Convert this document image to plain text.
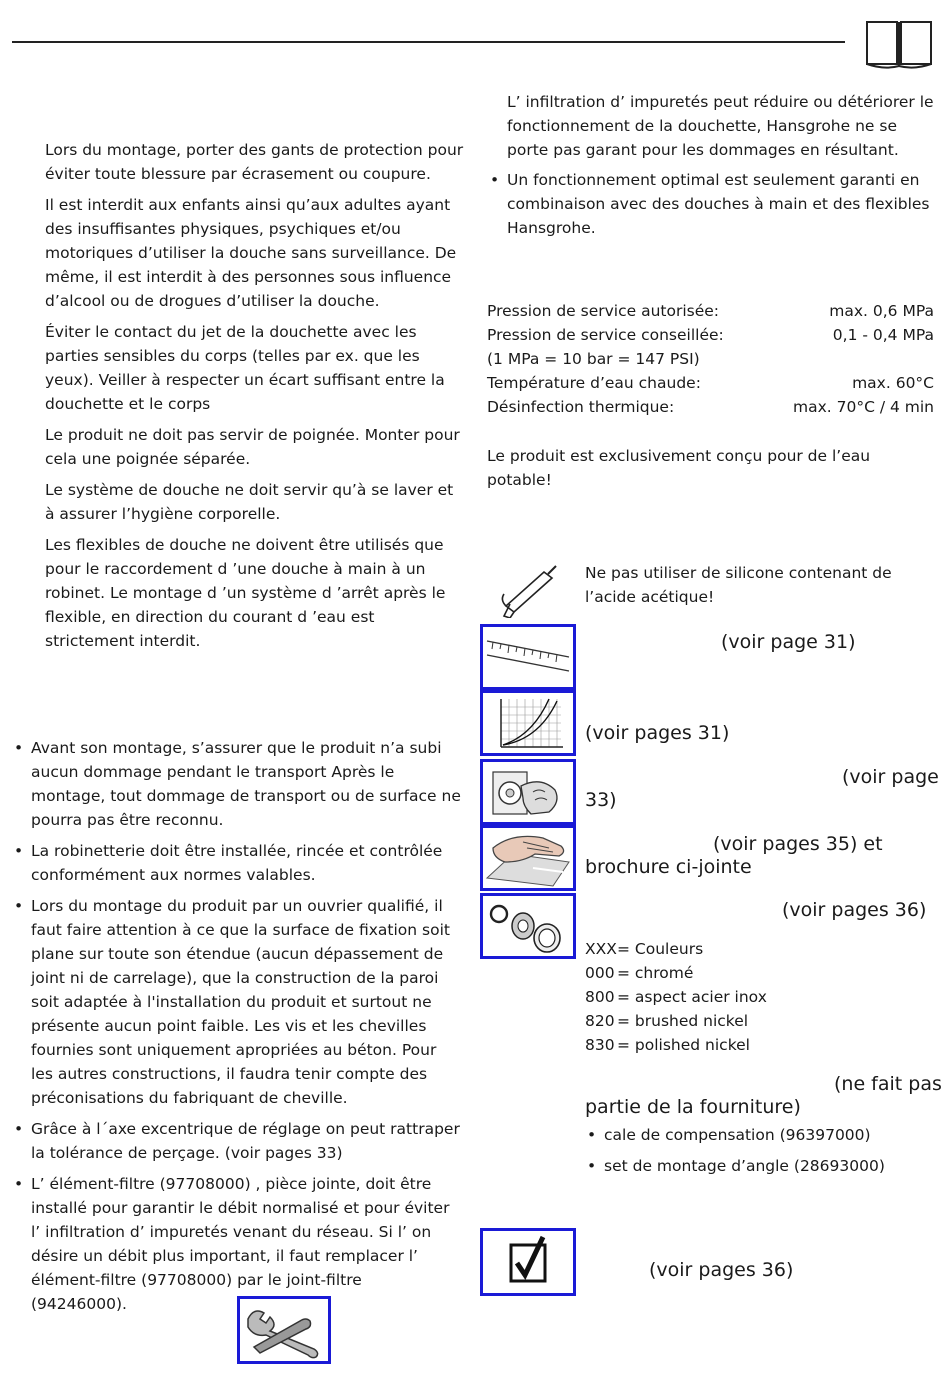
Lors du montage, porter des gants de protection pour éviter toute blessure par écrasement ou coupure.

Il est interdit aux enfants ainsi qu’aux adultes ayant des insuffisantes physiques, psychiques et/ou motoriques d’utiliser la douche sans surveillance. De même, il est interdit à des personnes sous influence d’alcool ou de drogues d’utiliser la douche.

Éviter le contact du jet de la douchette avec les parties sensibles du corps (telles par ex. que les yeux). Veiller à respecter un écart suffisant entre la douchette et le corps

Le produit ne doit pas servir de poignée. Monter pour cela une poignée séparée.

Le système de douche ne doit servir qu’à se laver et à assurer l’hygiène corporelle.

Les flexibles de douche ne doivent être utilisés que pour le raccordement d ’une douche à main à un robinet. Le montage d ’un système d ’arrêt après le flexible, en direction du courant d ’eau est strictement interdit.

• Avant son montage, s’assurer que le produit n’a subi aucun dommage pendant le transport Après le montage, tout dommage de transport ou de surface ne pourra pas être reconnu.
• La robinetterie doit être installée, rincée et contrôlée conformément aux normes valables.
• Lors du montage du produit par un ouvrier qualifié, il faut faire attention à ce que la surface de fixation soit plane sur toute son étendue (aucun dépassement de joint ni de carrelage), que la construction de la paroi soit adaptée à l'installation du produit et surtout ne présente aucun point faible. Les vis et les chevilles fournies sont uniquement apropriées au béton. Pour les autres constructions, il faudra tenir compte des préconisations du fabriquant de cheville.
• Grâce à l´axe excentrique de réglage on peut rattraper la tolérance de perçage. (voir pages 33)
• L’ élément-filtre (97708000) , pièce jointe, doit être installé pour garantir le débit normalisé et pour éviter l’ infiltration d’ impuretés venant du réseau. Si l’ on désire un débit plus important, il faut remplacer l’ élément-filtre (97708000) par le joint-filtre (94246000).

L’ infiltration d’ impuretés peut réduire ou détériorer le fonctionnement de la douchette, Hansgrohe ne se porte pas garant pour les dommages en résultant.

• Un fonctionnement optimal est seulement garanti en combinaison avec des douches à main et des flexibles Hansgrohe.
Pression de service autorisée:	max. 0,6 MPa
Pression de service conseillée:	0,1 - 0,4 MPa
(1 MPa = 10 bar = 147 PSI)
Température d’eau chaude:	max. 60°C
Désinfection thermique:	max. 70°C / 4 min

Le produit est exclusivement conçu pour de l’eau potable!

Ne pas utiliser de silicone contenant de l’acide acétique!

(voir page 31)

(voir pages 31)

(voir page

33)

(voir pages 35) et

brochure ci-jointe

(voir pages 36)

XXX = Couleurs
000 = chromé
800 = aspect acier inox
820 = brushed nickel
830 = polished nickel

(ne fait pas

partie de la fourniture)

• cale de compensation (96397000)
• set de montage d’angle (28693000)

(voir pages 36)
